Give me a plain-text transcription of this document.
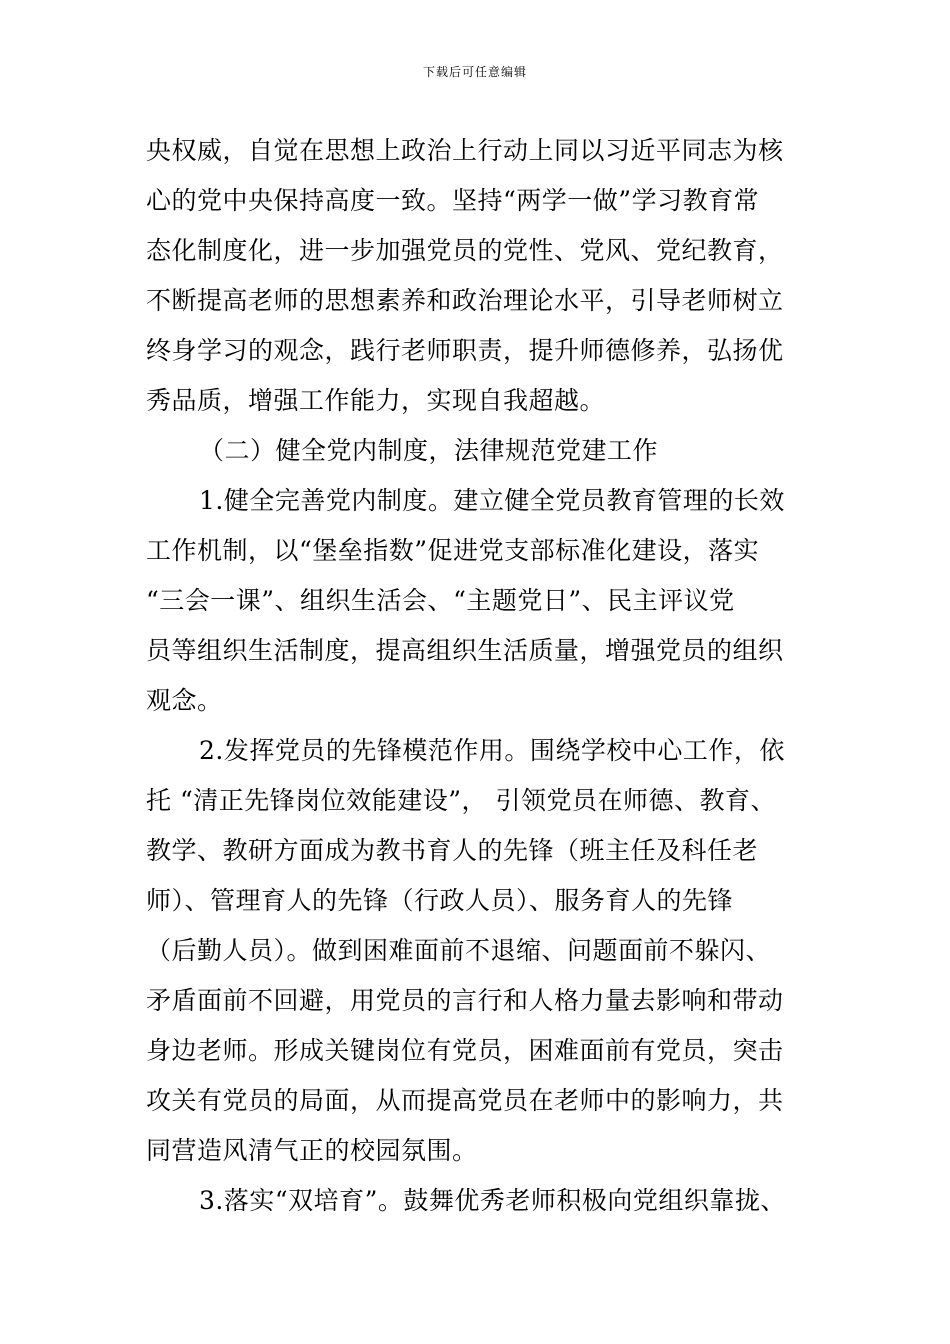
下载后可任意编辑
央权威，自觉在思想上政治上行动上同以习近平同志为核
心的党中央保持高度一致。坚持“两学一做”学习教育常
态化制度化，进一步加强党员的党性、党风、党纪教育，
不断提高老师的思想素养和政治理论水平，引导老师树立
终身学习的观念，践行老师职责，提升师德修养，弘扬优
秀品质，增强工作能力，实现自我超越。
（二）健全党内制度，法律规范党建工作
1.健全完善党内制度。建立健全党员教育管理的长效
工作机制，以“堡垒指数”促进党支部标准化建设，落实
“三会一课”、组织生活会、“主题党日”、民主评议党
员等组织生活制度，提高组织生活质量，增强党员的组织
观念。
2.发挥党员的先锋模范作用。围绕学校中心工作，依
托 “清正先锋岗位效能建设”， 引领党员在师德、教育、
教学、教研方面成为教书育人的先锋（班主任及科任老
师）、管理育人的先锋（行政人员）、服务育人的先锋
（后勤人员）。做到困难面前不退缩、问题面前不躲闪、
矛盾面前不回避，用党员的言行和人格力量去影响和带动
身边老师。形成关键岗位有党员，困难面前有党员，突击
攻关有党员的局面，从而提高党员在老师中的影响力，共
同营造风清气正的校园氛围。
3.落实“双培育”。鼓舞优秀老师积极向党组织靠拢、
